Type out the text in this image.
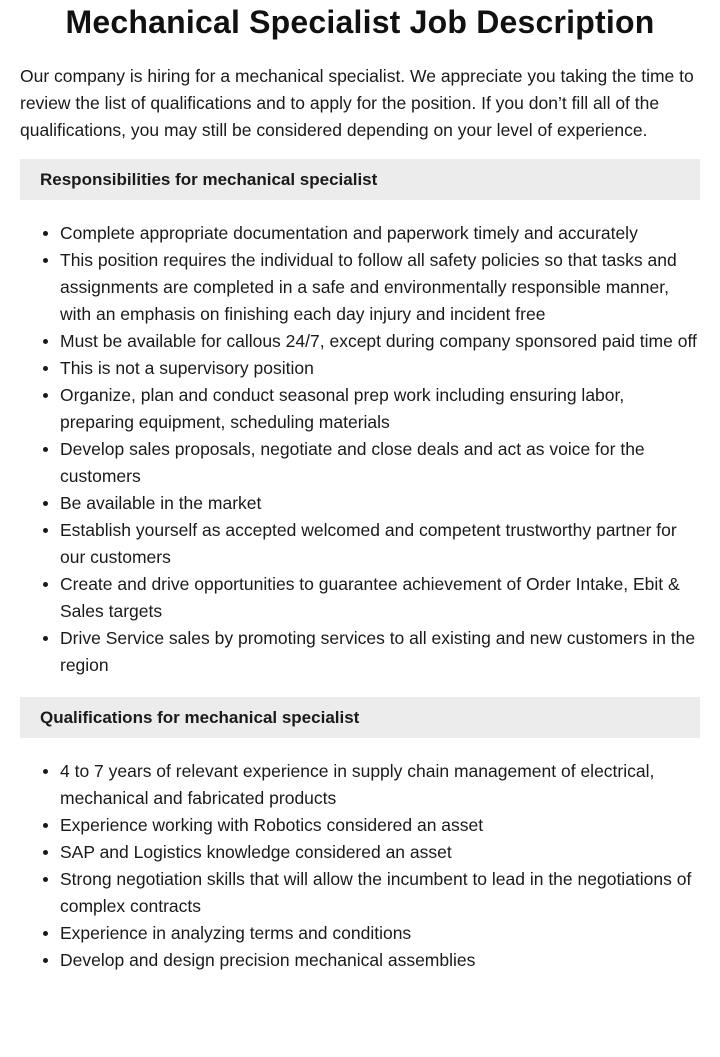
Mechanical Specialist Job Description

Our company is hiring for a mechanical specialist. We appreciate you taking the time to review the list of qualifications and to apply for the position. If you don’t fill all of the qualifications, you may still be considered depending on your level of experience.

Responsibilities for mechanical specialist
Complete appropriate documentation and paperwork timely and accurately
This position requires the individual to follow all safety policies so that tasks and assignments are completed in a safe and environmentally responsible manner, with an emphasis on finishing each day injury and incident free
Must be available for callous 24/7, except during company sponsored paid time off
This is not a supervisory position
Organize, plan and conduct seasonal prep work including ensuring labor, preparing equipment, scheduling materials
Develop sales proposals, negotiate and close deals and act as voice for the customers
Be available in the market
Establish yourself as accepted welcomed and competent trustworthy partner for our customers
Create and drive opportunities to guarantee achievement of Order Intake, Ebit & Sales targets
Drive Service sales by promoting services to all existing and new customers in the region
Qualifications for mechanical specialist
4 to 7 years of relevant experience in supply chain management of electrical, mechanical and fabricated products
Experience working with Robotics considered an asset
SAP and Logistics knowledge considered an asset
Strong negotiation skills that will allow the incumbent to lead in the negotiations of complex contracts
Experience in analyzing terms and conditions
Develop and design precision mechanical assemblies
